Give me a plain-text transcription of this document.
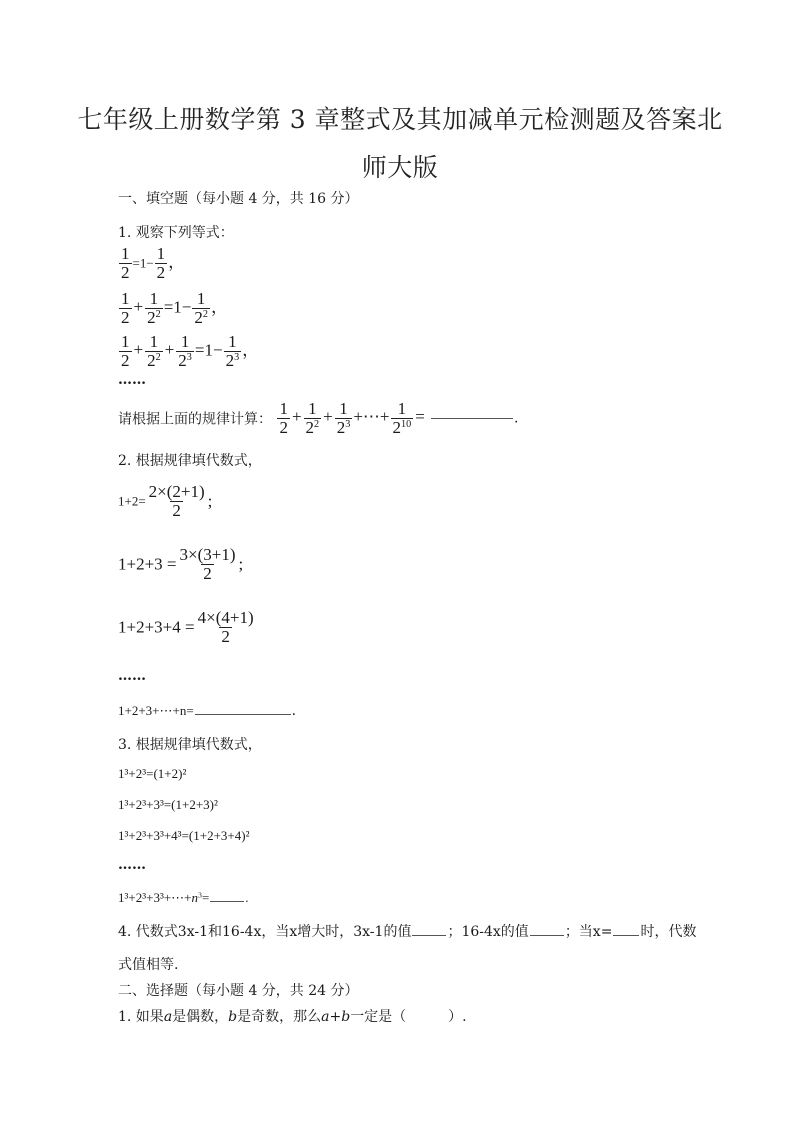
七年级上册数学第 3 章整式及其加减单元检测题及答案北
师大版
一、填空题（每小题 4 分，共 16 分）
1. 观察下列等式：
$\frac{1}{2} =1- \frac{1}{2}$ ，
$\frac{1}{2} + \frac{1}{2^2} =1- \frac{1}{2^2}$ ，
$\frac{1}{2} + \frac{1}{2^2} + \frac{1}{2^3} =1- \frac{1}{2^3}$ ，
……
请根据上面的规律计算： $\frac{1}{2} + \frac{1}{2^2} + \frac{1}{2^3}$ +⋯+ $\frac{1}{2^{10}}$ =	.
2. 根据规律填代数式，
$1+2= \frac{2\times(2+1)}{2}$ ;
$1+2+3 = \frac{3\times(3+1)}{2}$ ;
$1+2+3+4 = \frac{4\times(4+1)}{2}$
……
1+2+3+⋯+n=	.
3. 根据规律填代数式，
1³+2³=(1+2)²
1³+2³+3³=(1+2+3)²
1³+2³+3³+4³=(1+2+3+4)²
……
$1^3+2^3+3^3+\cdots+n^3=$	.
4. 代数式3x-1和16-4x，当x增大时，3x-1的值	；16-4x的值	；当x= 时，代数
式值相等.
二、选择题（每小题 4 分，共 24 分）
1. 如果a是偶数，b是奇数，那么a+b一定是（　　　）.
